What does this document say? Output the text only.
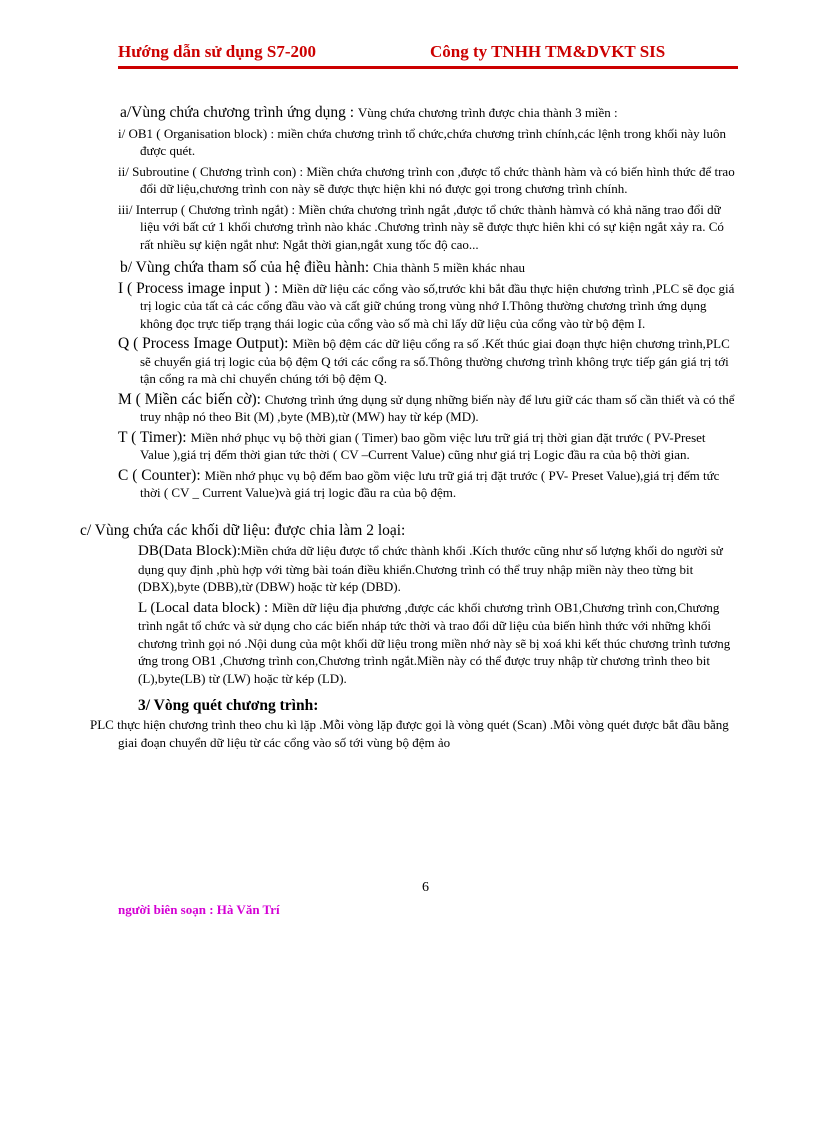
Hướng dẫn sử dụng S7-200	Công ty TNHH TM&DVKT SIS
a/Vùng chứa chương trình ứng dụng : Vùng chứa chương trình được chia thành 3 miền :
i/ OB1 ( Organisation block) : miền chứa chương trình tổ chức,chứa chương trình chính,các lệnh trong khối này luôn được quét.
ii/ Subroutine ( Chương trình con) : Miền chứa chương trình con ,được tổ chức thành hàm và có biến hình thức để trao đổi dữ liệu,chương trình con này sẽ được thực hiện khi nó được gọi trong chương trình chính.
iii/ Interrup ( Chương trình ngắt) : Miền chứa chương trình ngắt ,được tổ chức thành hàmvà có khả năng trao đổi dữ liệu với bất cứ 1 khối chương trình nào khác .Chương trình này sẽ được thực hiên khi có sự kiện ngắt xảy ra. Có rất nhiều sự kiện ngắt như: Ngắt thời gian,ngắt xung tốc độ cao...
b/ Vùng chứa tham số của hệ điều hành: Chia thành 5 miền khác nhau
I ( Process image input ) : Miền dữ liệu các cổng vào số,trước khi bắt đầu thực hiện chương trình ,PLC sẽ đọc giá trị logic của tất cả các cổng đầu vào và cất giữ chúng trong vùng nhớ I.Thông thường chương trình ứng dụng không đọc trực tiếp trạng thái logic của cổng vào số mà chỉ lấy dữ liệu của cổng vào từ bộ đệm I.
Q ( Process Image Output): Miền bộ đệm các dữ liệu cổng ra số .Kết thúc giai đoạn thực hiện chương trình,PLC sẽ chuyển giá trị logic của bộ đệm Q tới các cổng ra số.Thông thường chương trình không trực tiếp gán giá trị tới tận cổng ra mà chỉ chuyển chúng tới bộ đệm Q.
M ( Miền các biến cờ): Chương trình ứng dụng sử dụng những biến này để lưu giữ các tham số cần thiết và có thể truy nhập nó theo Bit (M) ,byte (MB),từ (MW) hay từ kép (MD).
T ( Timer): Miền nhớ phục vụ bộ thời gian ( Timer) bao gồm việc lưu trữ giá trị thời gian đặt trước ( PV-Preset Value ),giá trị đếm thời gian tức thời ( CV –Current Value) cũng như giá trị Logic đầu ra của bộ thời gian.
C ( Counter): Miền nhớ phục vụ bộ đếm bao gồm việc lưu trữ giá trị đặt trước ( PV- Preset Value),giá trị đếm tức thời ( CV _ Current Value)và giá trị logic đầu ra của bộ đệm.
c/ Vùng chứa các khối dữ liệu: được chia làm 2 loại:
DB(Data Block):Miền chứa dữ liệu được tổ chức thành khối .Kích thước cũng như số lượng khối do người sử dụng quy định ,phù hợp với từng bài toán điều khiển.Chương trình có thể truy nhập miền này theo từng bit (DBX),byte (DBB),từ (DBW) hoặc từ kép (DBD).
L (Local data block) : Miền dữ liệu địa phương ,được các khối chương trình OB1,Chương trình con,Chương trình ngắt tổ chức và sử dụng cho các biến nháp tức thời và trao đổi dữ liệu của biến hình thức với những khối chương trình gọi nó .Nội dung của một khối dữ liệu trong miền nhớ này sẽ bị xoá khi kết thúc chương trình tương ứng trong OB1 ,Chương trình con,Chương trình ngắt.Miền này có thể được truy nhập từ chương trình theo bit (L),byte(LB) từ (LW) hoặc từ kép (LD).
3/ Vòng quét chương trình:
PLC thực hiện chương trình theo chu kì lặp .Mỗi vòng lặp được gọi là vòng quét (Scan) .Mỗi vòng quét được bắt đầu bằng giai đoạn chuyển dữ liệu từ các cổng vào số tới vùng bộ đệm ảo
6
người biên soạn : Hà Văn Trí
